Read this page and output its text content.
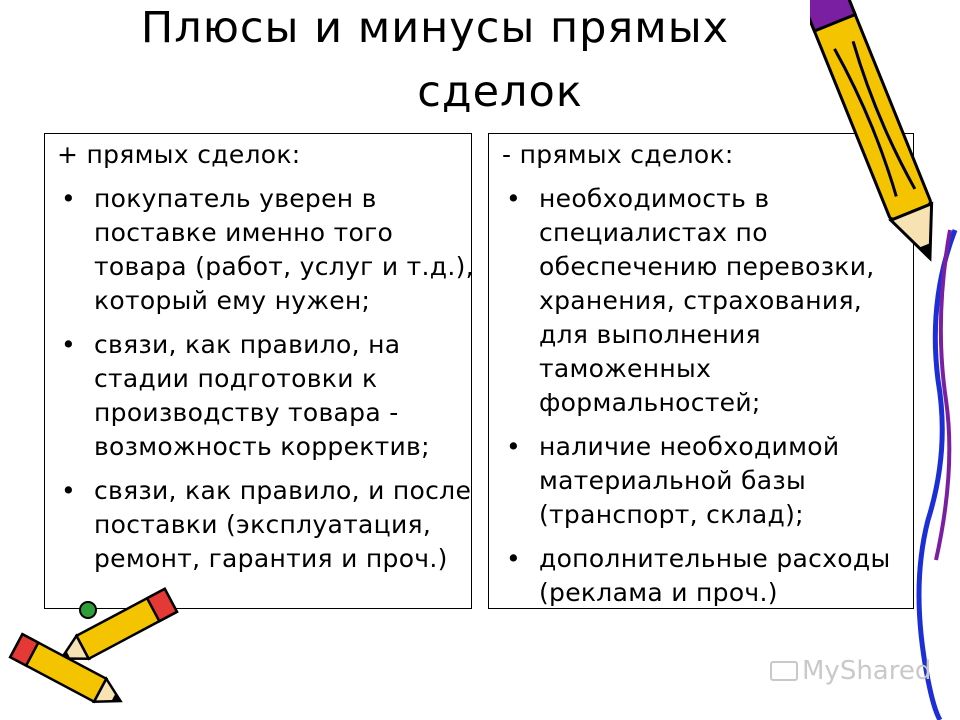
Плюсы и минусы прямых
сделок
+ прямых сделок:
• покупатель уверен в поставке именно того товара (работ, услуг и т.д.), который ему нужен;
• связи, как правило, на стадии подготовки к производству товара - возможность корректив;
• связи, как правило, и после поставки (эксплуатация, ремонт, гарантия и проч.)
- прямых сделок:
• необходимость в специалистах по обеспечению перевозки, хранения, страхования, для выполнения таможенных формальностей;
• наличие необходимой материальной базы (транспорт, склад);
• дополнительные расходы (реклама и проч.)
MyShared
